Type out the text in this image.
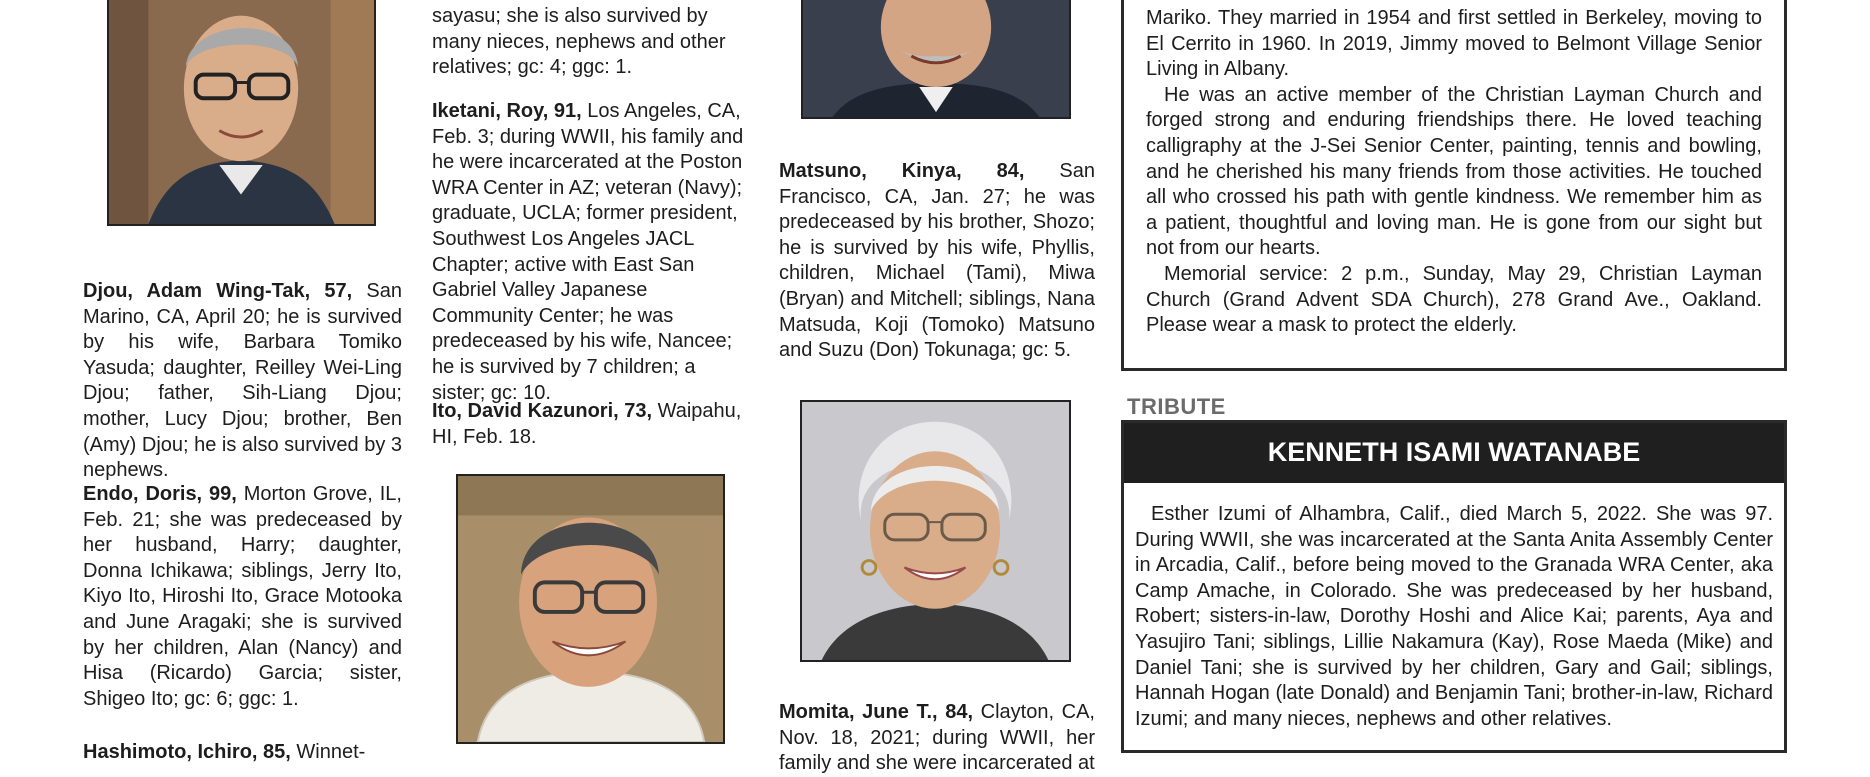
Djou, Adam Wing-Tak, 57, San Marino, CA, April 20; he is survived by his wife, Barbara Tomiko Yasuda; daughter, Reilley Wei-Ling Djou; father, Sih-Liang Djou; mother, Lucy Djou; brother, Ben (Amy) Djou; he is also survived by 3 nephews.
Endo, Doris, 99, Morton Grove, IL, Feb. 21; she was predeceased by her husband, Harry; daughter, Donna Ichikawa; siblings, Jerry Ito, Kiyo Ito, Hiroshi Ito, Grace Motooka and June Aragaki; she is survived by her children, Alan (Nancy) and Hisa (Ricardo) Garcia; sister, Shigeo Ito; gc: 6; ggc: 1.
Hashimoto, Ichiro, 85, Winnet-
sayasu; she is also survived by many nieces, nephews and other relatives; gc: 4; ggc: 1.
Iketani, Roy, 91, Los Angeles, CA, Feb. 3; during WWII, his family and he were incarcerated at the Poston WRA Center in AZ; veteran (Navy); graduate, UCLA; former president, Southwest Los Angeles JACL Chapter; active with East San Gabriel Valley Japanese Community Center; he was predeceased by his wife, Nancee; he is survived by 7 children; a sister; gc: 10.
Ito, David Kazunori, 73, Waipahu, HI, Feb. 18.
Matsuno, Kinya, 84, San Francisco, CA, Jan. 27; he was predeceased by his brother, Shozo; he is survived by his wife, Phyllis, children, Michael (Tami), Miwa (Bryan) and Mitchell; siblings, Nana Matsuda, Koji (Tomoko) Matsuno and Suzu (Don) Tokunaga; gc: 5.
Momita, June T., 84, Clayton, CA, Nov. 18, 2021; during WWII, her family and she were incarcerated at

Mariko. They married in 1954 and first settled in Berkeley, moving to El Cerrito in 1960. In 2019, Jimmy moved to Belmont Village Senior Living in Albany.

He was an active member of the Christian Layman Church and forged strong and enduring friendships there. He loved teaching calligraphy at the J-Sei Senior Center, painting, tennis and bowling, and he cherished his many friends from those activities. He touched all who crossed his path with gentle kindness. We remember him as a patient, thoughtful and loving man. He is gone from our sight but not from our hearts.

Memorial service: 2 p.m., Sunday, May 29, Christian Layman Church (Grand Advent SDA Church), 278 Grand Ave., Oakland. Please wear a mask to protect the elderly.

TRIBUTE
KENNETH ISAMI WATANABE

Esther Izumi of Alhambra, Calif., died March 5, 2022. She was 97. During WWII, she was incarcerated at the Santa Anita Assembly Center in Arcadia, Calif., before being moved to the Granada WRA Center, aka Camp Amache, in Colorado. She was predeceased by her husband, Robert; sisters-in-law, Dorothy Hoshi and Alice Kai; parents, Aya and Yasujiro Tani; siblings, Lillie Nakamura (Kay), Rose Maeda (Mike) and Daniel Tani; she is survived by her children, Gary and Gail; siblings, Hannah Hogan (late Donald) and Benjamin Tani; brother-in-law, Richard Izumi; and many nieces, nephews and other relatives.
